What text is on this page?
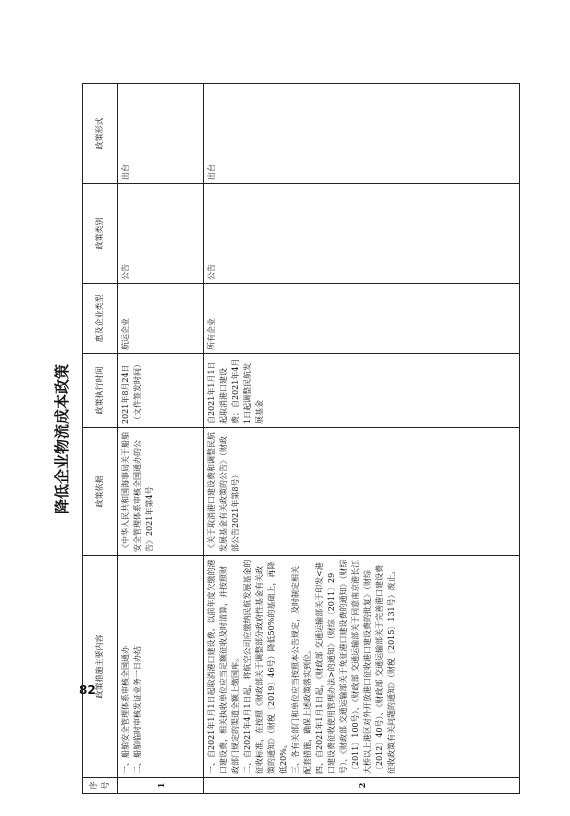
82
降低企业物流成本政策
序号	政策措施主要内容	政策依据	政策执行时间	惠及企业类型	政策类别	政策形式
1	一、船舶安全管理体系审核全国通办 二、船舶临时审核发证业务一日办结	《中华人民共和国海事局关于船舶安全管理体系审核全国通办的公告》2021年第4号	2021年8月24日（文件签发时间）	航运企业	公告	出台
2	一、自2021年1月1日起取消港口建设费。以前年度欠缴的港口建设费，相关执收单位应当足额征收及时清算，并按照财政部门规定的渠道全额上缴国库。 二、自2021年4月1日起，将航空公司应缴纳民航发展基金的征收标准，在按照《财政部关于调整部分政府性基金有关政策的通知》（财税〔2019〕46号）降低50%的基础上，再降低20%。 三、各有关部门和单位应当按照本公告规定，及时制定相关配套措施，确保上述政策落实到位。 四、自2021年1月1日起，《财政部 交通运输部关于印发<港口建设费征收使用管理办法>的通知》（财综〔2011〕29号）、《财政部 交通运输部关于免征港口建设费的通知》（财综〔2011〕100号）、《财政部 交通运输部关于同意南京港长江大桥以上港区对外开放港口征收港口建设费的批复》（财综〔2012〕40号）、《财政部 交通运输部关于完善港口建设费征收政策有关问题的通知》（财税〔2015〕131号）废止。	《关于取消港口建设费和调整民航发展基金有关政策的公告》（财政部公告2021年第8号）	自2021年1月1日起取消港口建设费；自2021年4月1日起调整民航发展基金	所有企业	公告	出台
